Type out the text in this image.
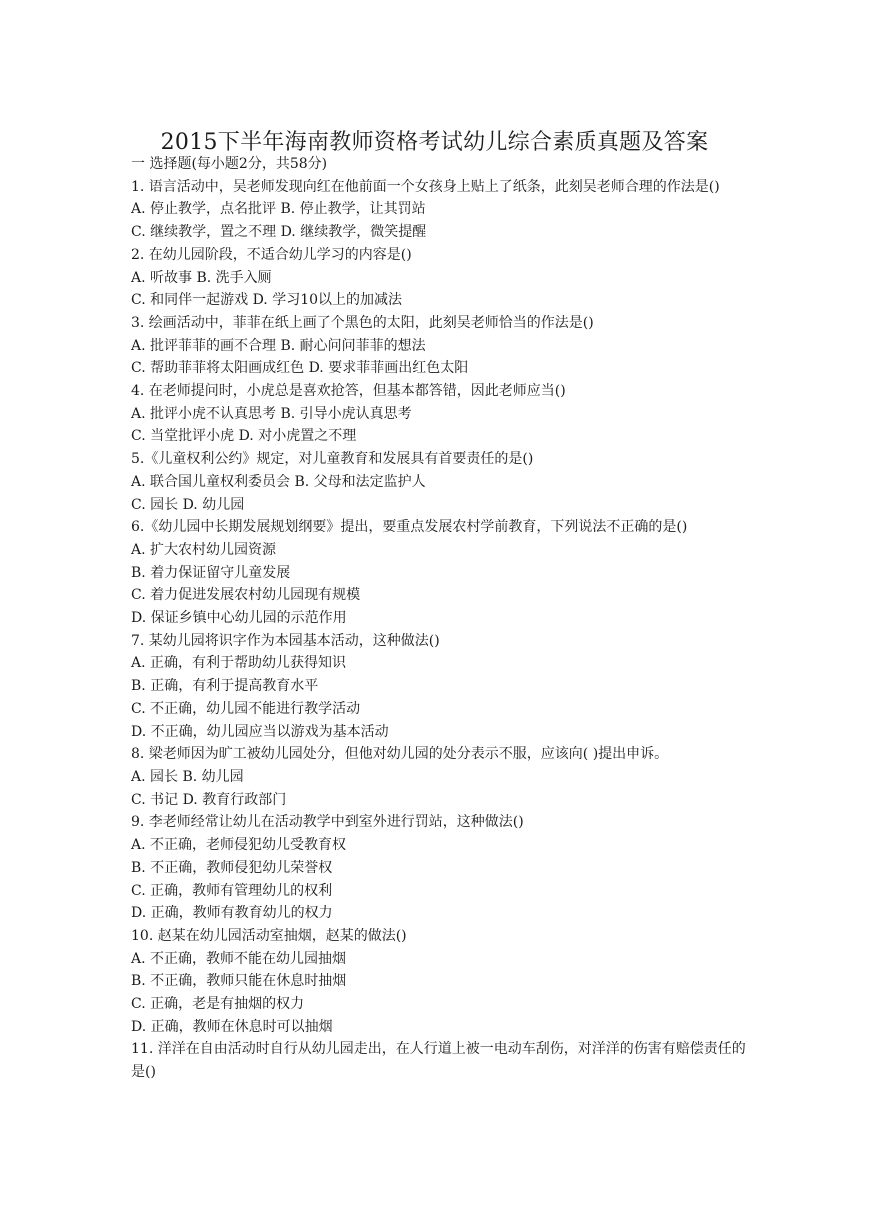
2015下半年海南教师资格考试幼儿综合素质真题及答案

一 选择题(每小题2分，共58分)

1. 语言活动中，吴老师发现向红在他前面一个女孩身上贴上了纸条，此刻吴老师合理的作法是()

A. 停止教学，点名批评 B. 停止教学，让其罚站

C. 继续教学，置之不理 D. 继续教学，微笑提醒

2. 在幼儿园阶段，不适合幼儿学习的内容是()

A. 听故事 B. 洗手入厕

C. 和同伴一起游戏 D. 学习10以上的加减法

3. 绘画活动中，菲菲在纸上画了个黑色的太阳，此刻吴老师恰当的作法是()

A. 批评菲菲的画不合理 B. 耐心问问菲菲的想法

C. 帮助菲菲将太阳画成红色 D. 要求菲菲画出红色太阳

4. 在老师提问时，小虎总是喜欢抢答，但基本都答错，因此老师应当()

A. 批评小虎不认真思考 B. 引导小虎认真思考

C. 当堂批评小虎 D. 对小虎置之不理

5.《儿童权利公约》规定，对儿童教育和发展具有首要责任的是()

A. 联合国儿童权利委员会 B. 父母和法定监护人

C. 园长 D. 幼儿园

6.《幼儿园中长期发展规划纲要》提出，要重点发展农村学前教育，下列说法不正确的是()

A. 扩大农村幼儿园资源

B. 着力保证留守儿童发展

C. 着力促进发展农村幼儿园现有规模

D. 保证乡镇中心幼儿园的示范作用

7. 某幼儿园将识字作为本园基本活动，这种做法()

A. 正确，有利于帮助幼儿获得知识

B. 正确，有利于提高教育水平

C. 不正确，幼儿园不能进行教学活动

D. 不正确，幼儿园应当以游戏为基本活动

8. 梁老师因为旷工被幼儿园处分，但他对幼儿园的处分表示不服，应该向( )提出申诉。

A. 园长 B. 幼儿园

C. 书记 D. 教育行政部门

9. 李老师经常让幼儿在活动教学中到室外进行罚站，这种做法()

A. 不正确，老师侵犯幼儿受教育权

B. 不正确，教师侵犯幼儿荣誉权

C. 正确，教师有管理幼儿的权利

D. 正确，教师有教育幼儿的权力

10. 赵某在幼儿园活动室抽烟，赵某的做法()

A. 不正确，教师不能在幼儿园抽烟

B. 不正确，教师只能在休息时抽烟

C. 正确，老是有抽烟的权力

D. 正确，教师在休息时可以抽烟

11. 洋洋在自由活动时自行从幼儿园走出，在人行道上被一电动车刮伤，对洋洋的伤害有赔偿责任的是()
